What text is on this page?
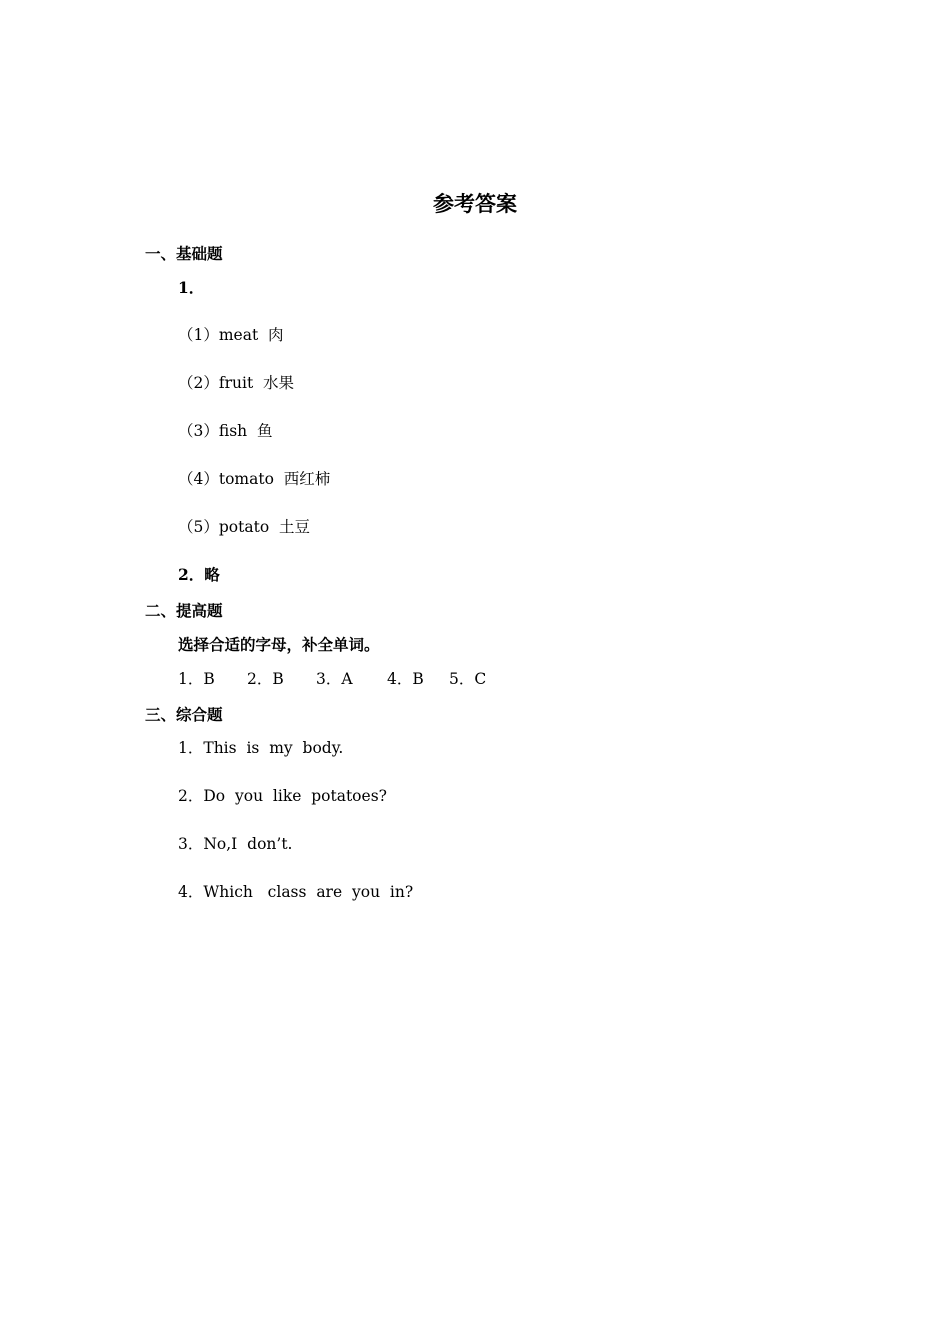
参考答案
一、基础题
1．
（1）meat  肉
（2）fruit  水果
（3）fish  鱼
（4）tomato  西红柿
（5）potato  土豆
2．略
二、提高题
选择合适的字母，补全单词。

1．B

2．B

3．A

4．B

5．C

三、综合题
1．This  is  my  body.
2．Do  you  like  potatoes?
3．No,I  don’t.
4．Which   class  are  you  in?
